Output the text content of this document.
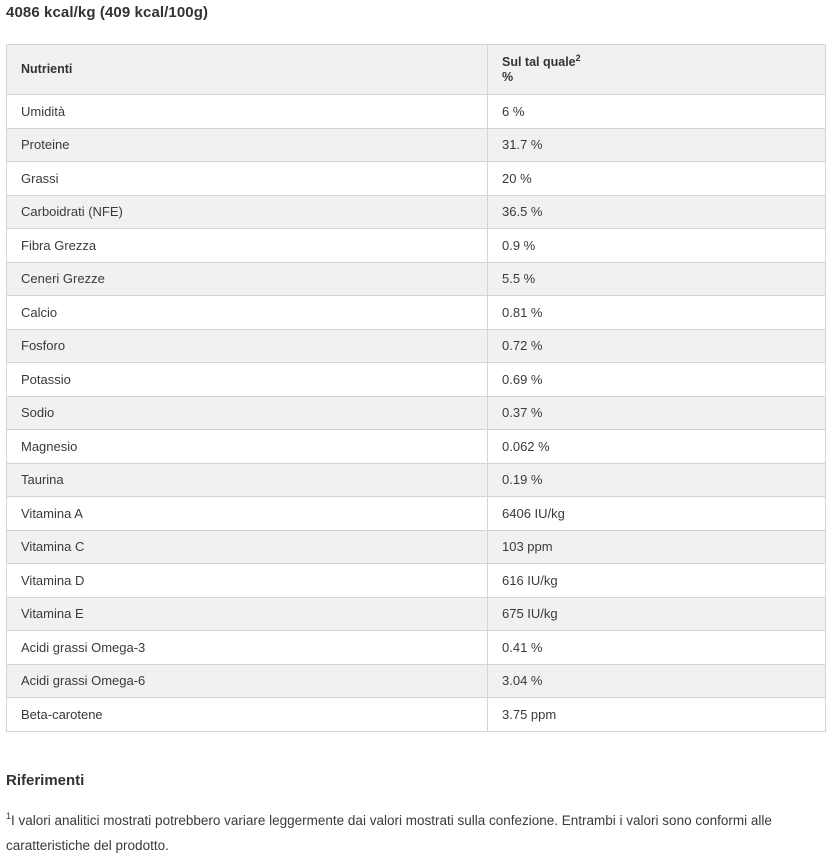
4086 kcal/kg (409 kcal/100g)
Nutrienti	Sul tal quale$^2$
%
Umidità	6 %
Proteine	31.7 %
Grassi	20 %
Carboidrati (NFE)	36.5 %
Fibra Grezza	0.9 %
Ceneri Grezze	5.5 %
Calcio	0.81 %
Fosforo	0.72 %
Potassio	0.69 %
Sodio	0.37 %
Magnesio	0.062 %
Taurina	0.19 %
Vitamina A	6406 IU/kg
Vitamina C	103 ppm
Vitamina D	616 IU/kg
Vitamina E	675 IU/kg
Acidi grassi Omega-3	0.41 %
Acidi grassi Omega-6	3.04 %
Beta-carotene	3.75 ppm
Riferimenti
$^1$I valori analitici mostrati potrebbero variare leggermente dai valori mostrati sulla confezione. Entrambi i valori sono conformi alle caratteristiche del prodotto.
